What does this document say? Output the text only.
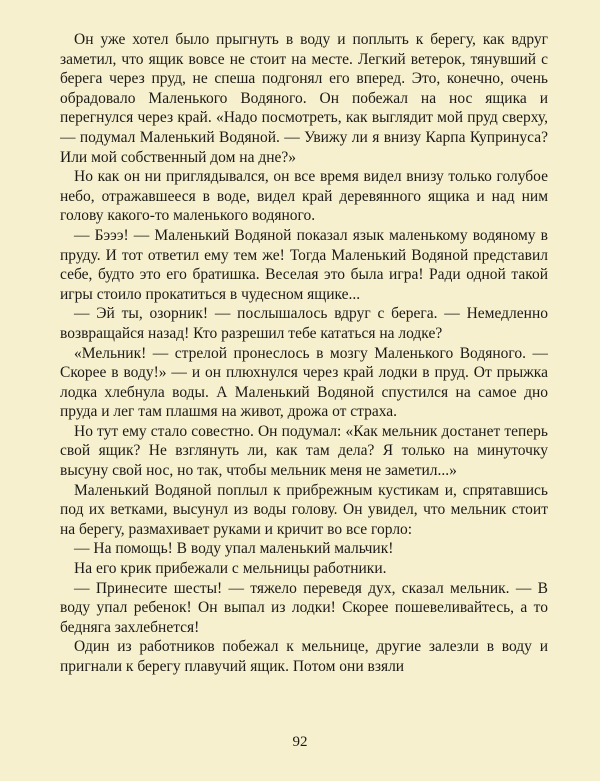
Он уже хотел было прыгнуть в воду и поплыть к берегу, как вдруг заметил, что ящик вовсе не стоит на месте. Легкий ветерок, тянувший с берега через пруд, не спеша подгонял его вперед. Это, конечно, очень обрадовало Маленького Водяного. Он побежал на нос ящика и перегнулся через край. «Надо посмотреть, как выглядит мой пруд сверху, — подумал Маленький Водяной. — Увижу ли я внизу Карпа Купринуса? Или мой собственный дом на дне?»

Но как он ни приглядывался, он все время видел внизу только голубое небо, отражавшееся в воде, видел край деревянного ящика и над ним голову какого-то маленького водяного.

— Бэээ! — Маленький Водяной показал язык маленькому водяному в пруду. И тот ответил ему тем же! Тогда Маленький Водяной представил себе, будто это его братишка. Веселая это была игра! Ради одной такой игры стоило прокатиться в чудесном ящике...

— Эй ты, озорник! — послышалось вдруг с берега. — Немедленно возвращайся назад! Кто разрешил тебе кататься на лодке?

«Мельник! — стрелой пронеслось в мозгу Маленького Водяного. — Скорее в воду!» — и он плюхнулся через край лодки в пруд. От прыжка лодка хлебнула воды. А Маленький Водяной спустился на самое дно пруда и лег там плашмя на живот, дрожа от страха.

Но тут ему стало совестно. Он подумал: «Как мельник достанет теперь свой ящик? Не взглянуть ли, как там дела? Я только на минуточку высуну свой нос, но так, чтобы мельник меня не заметил...»

Маленький Водяной поплыл к прибрежным кустикам и, спрятавшись под их ветками, высунул из воды голову. Он увидел, что мельник стоит на берегу, размахивает руками и кричит во все горло:

— На помощь! В воду упал маленький мальчик!

На его крик прибежали с мельницы работники.

— Принесите шесты! — тяжело переведя дух, сказал мельник. — В воду упал ребенок! Он выпал из лодки! Скорее пошевеливайтесь, а то бедняга захлебнется!

Один из работников побежал к мельнице, другие залезли в воду и пригнали к берегу плавучий ящик. Потом они взяли

92
